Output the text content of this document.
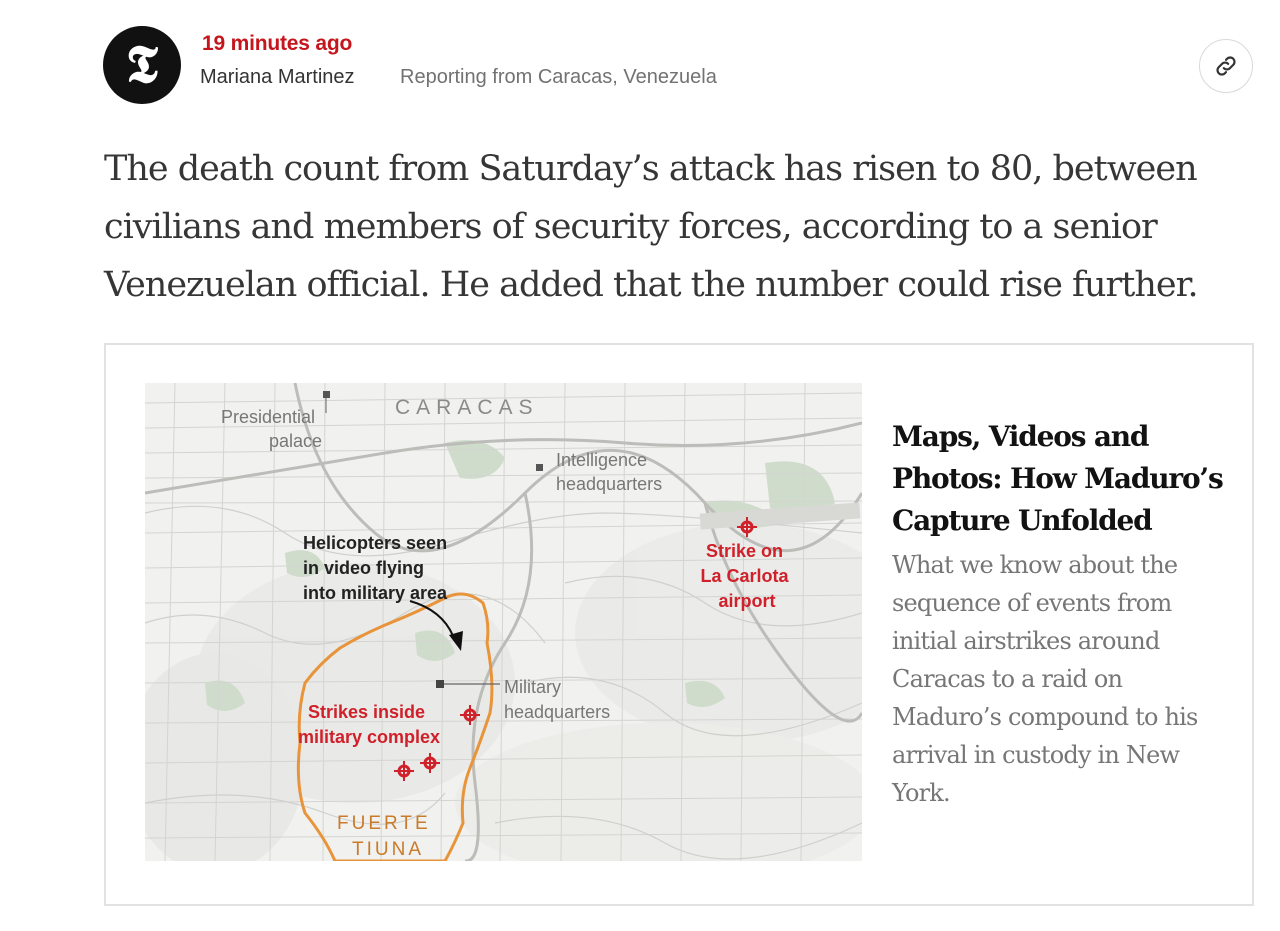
𝕿 19 minutes ago
Mariana Martinez Reporting from Caracas, Venezuela

The death count from Saturday’s attack has risen to 80, between civilians and members of security forces, according to a senior Venezuelan official. He added that the number could rise further.

CARACAS
Presidential palace
Intelligence headquarters
Helicopters seen in video flying into military area
Strike on La Carlota airport
Military headquarters
Strikes inside military complex
FUERTE TIUNA
Maps, Videos and Photos: How Maduro’s Capture Unfolded

What we know about the sequence of events from initial airstrikes around Caracas to a raid on Maduro’s compound to his arrival in custody in New York.
